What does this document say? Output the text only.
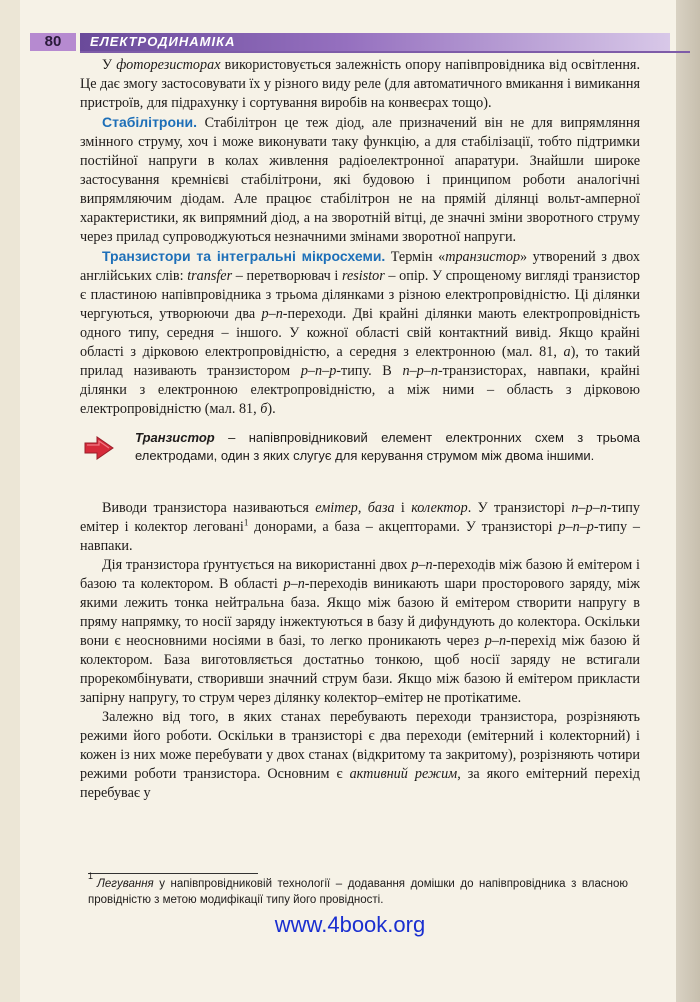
80	ЕЛЕКТРОДИНАМІКА

У фоторезисторах використовується залежність опору напівпровідника від освітлення. Це дає змогу застосовувати їх у різного виду реле (для автоматичного вмикання і вимикання пристроїв, для підрахунку і сортування виробів на конвеєрах тощо).

Стабілітрони. Стабілітрон це теж діод, але призначений він не для випрямляння змінного струму, хоч і може виконувати таку функцію, а для стабілізації, тобто підтримки постійної напруги в колах живлення радіоелектронної апаратури. Знайшли широке застосування кремнієві стабілітрони, які будовою і принципом роботи аналогічні випрямляючим діодам. Але працює стабілітрон не на прямій ділянці вольт-амперної характеристики, як випрямний діод, а на зворотній вітці, де значні зміни зворотного струму через прилад супроводжуються незначними змінами зворотної напруги.

Транзистори та інтегральні мікросхеми. Термін «транзистор» утворений з двох англійських слів: transfer – перетворювач і resistor – опір. У спрощеному вигляді транзистор є пластиною напівпровідника з трьома ділянками з різною електропровідністю. Ці ділянки чергуються, утворюючи два p–n-переходи. Дві крайні ділянки мають електропровідність одного типу, середня – іншого. У кожної області свій контактний вивід. Якщо крайні області з дірковою електропровідністю, а середня з електронною (мал. 81, а), то такий прилад називають транзистором p–n–p-типу. В n–p–n-транзисторах, навпаки, крайні ділянки з електронною електропровідністю, а між ними – область з дірковою електропровідністю (мал. 81, б).

Транзистор – напівпровідниковий елемент електронних схем з трьома електродами, один з яких слугує для керування струмом між двома іншими.

Виводи транзистора називаються емітер, база і колектор. У транзисторі n–p–n-типу емітер і колектор леговані$^1$ донорами, а база – акцепторами. У транзисторі p–n–p-типу – навпаки.

Дія транзистора ґрунтується на використанні двох p–n-переходів між базою й емітером і базою та колектором. В області p–n-переходів виникають шари просторового заряду, між якими лежить тонка нейтральна база. Якщо між базою й емітером створити напругу в пряму напрямку, то носії заряду інжектуються в базу й дифундують до колектора. Оскільки вони є неосновними носіями в базі, то легко проникають через p–n-перехід між базою й колектором. База виготовляється достатньо тонкою, щоб носії заряду не встигали прорекомбінувати, створивши значний струм бази. Якщо між базою й емітером прикласти запірну напругу, то струм через ділянку колектор–емітер не протікатиме.

Залежно від того, в яких станах перебувають переходи транзистора, розрізняють режими його роботи. Оскільки в транзисторі є два переходи (емітерний і колекторний) і кожен із них може перебувати у двох станах (відкритому та закритому), розрізняють чотири режими роботи транзистора. Основним є активний режим, за якого емітерний перехід перебуває у

$^1$Легування у напівпровідниковій технології – додавання домішки до напівпровідника з власною провідністю з метою модифікації типу його провідності.
www.4book.org
